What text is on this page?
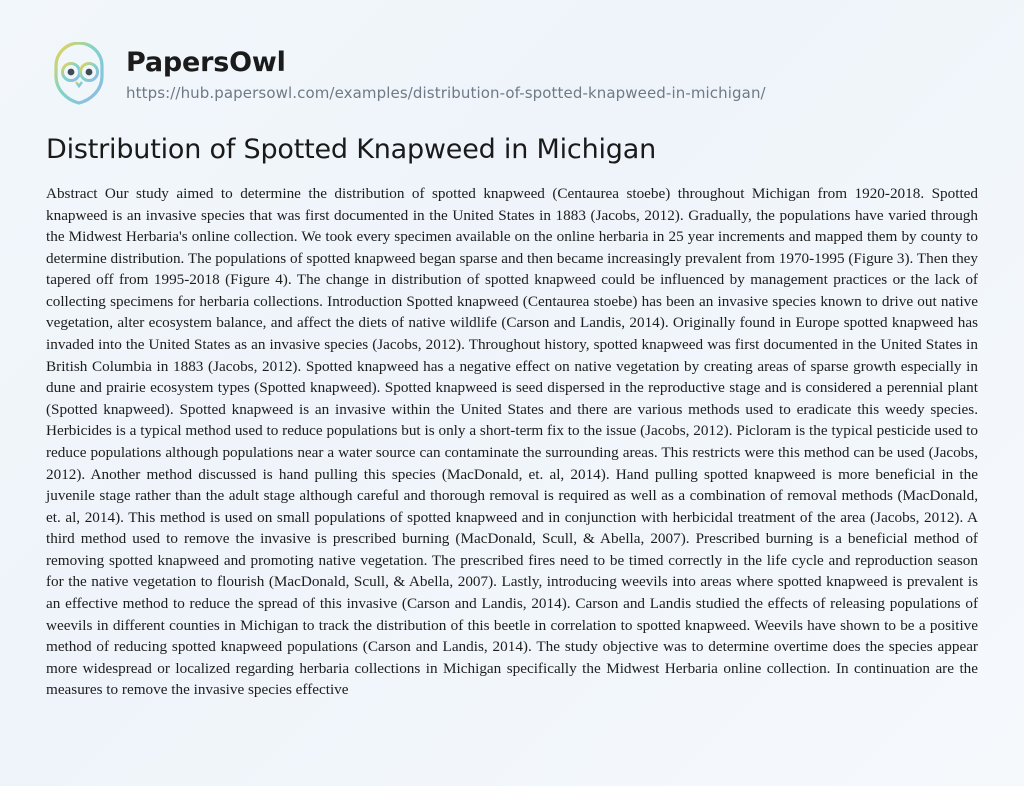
PapersOwl
https://hub.papersowl.com/examples/distribution-of-spotted-knapweed-in-michigan/
Distribution of Spotted Knapweed in Michigan

Abstract Our study aimed to determine the distribution of spotted knapweed (Centaurea stoebe) throughout Michigan from 1920-2018. Spotted knapweed is an invasive species that was first documented in the United States in 1883 (Jacobs, 2012). Gradually, the populations have varied through the Midwest Herbaria's online collection. We took every specimen available on the online herbaria in 25 year increments and mapped them by county to determine distribution. The populations of spotted knapweed began sparse and then became increasingly prevalent from 1970-1995 (Figure 3). Then they tapered off from 1995-2018 (Figure 4). The change in distribution of spotted knapweed could be influenced by management practices or the lack of collecting specimens for herbaria collections. Introduction Spotted knapweed (Centaurea stoebe) has been an invasive species known to drive out native vegetation, alter ecosystem balance, and affect the diets of native wildlife (Carson and Landis, 2014). Originally found in Europe spotted knapweed has invaded into the United States as an invasive species (Jacobs, 2012). Throughout history, spotted knapweed was first documented in the United States in British Columbia in 1883 (Jacobs, 2012). Spotted knapweed has a negative effect on native vegetation by creating areas of sparse growth especially in dune and prairie ecosystem types (Spotted knapweed). Spotted knapweed is seed dispersed in the reproductive stage and is considered a perennial plant (Spotted knapweed). Spotted knapweed is an invasive within the United States and there are various methods used to eradicate this weedy species. Herbicides is a typical method used to reduce populations but is only a short-term fix to the issue (Jacobs, 2012). Picloram is the typical pesticide used to reduce populations although populations near a water source can contaminate the surrounding areas. This restricts were this method can be used (Jacobs, 2012). Another method discussed is hand pulling this species (MacDonald, et. al, 2014). Hand pulling spotted knapweed is more beneficial in the juvenile stage rather than the adult stage although careful and thorough removal is required as well as a combination of removal methods (MacDonald, et. al, 2014). This method is used on small populations of spotted knapweed and in conjunction with herbicidal treatment of the area (Jacobs, 2012). A third method used to remove the invasive is prescribed burning (MacDonald, Scull, & Abella, 2007). Prescribed burning is a beneficial method of removing spotted knapweed and promoting native vegetation. The prescribed fires need to be timed correctly in the life cycle and reproduction season for the native vegetation to flourish (MacDonald, Scull, & Abella, 2007). Lastly, introducing weevils into areas where spotted knapweed is prevalent is an effective method to reduce the spread of this invasive (Carson and Landis, 2014). Carson and Landis studied the effects of releasing populations of weevils in different counties in Michigan to track the distribution of this beetle in correlation to spotted knapweed. Weevils have shown to be a positive method of reducing spotted knapweed populations (Carson and Landis, 2014). The study objective was to determine overtime does the species appear more widespread or localized regarding herbaria collections in Michigan specifically the Midwest Herbaria online collection. In continuation are the measures to remove the invasive species effective
